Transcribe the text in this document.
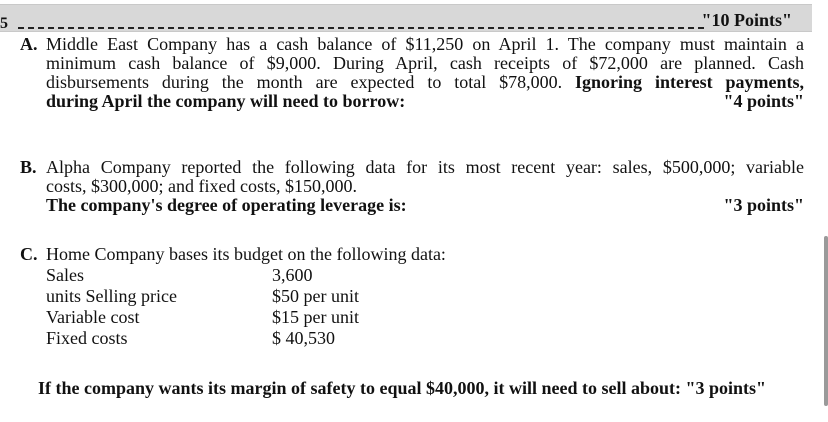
5	"10 Points"
A. Middle East Company has a cash balance of $11,250 on April 1. The company must maintain a
minimum cash balance of $9,000. During April, cash receipts of $72,000 are planned. Cash
disbursements during the month are expected to total $78,000. Ignoring interest payments,
during April the company will need to borrow:	"4 points"
B. Alpha Company reported the following data for its most recent year: sales, $500,000; variable
costs, $300,000; and fixed costs, $150,000.
The company's degree of operating leverage is:	"3 points"
C. Home Company bases its budget on the following data:
Sales	3,600
units Selling price	$50 per unit
Variable cost	$15 per unit
Fixed costs	$ 40,530
If the company wants its margin of safety to equal $40,000, it will need to sell about: "3 points"
